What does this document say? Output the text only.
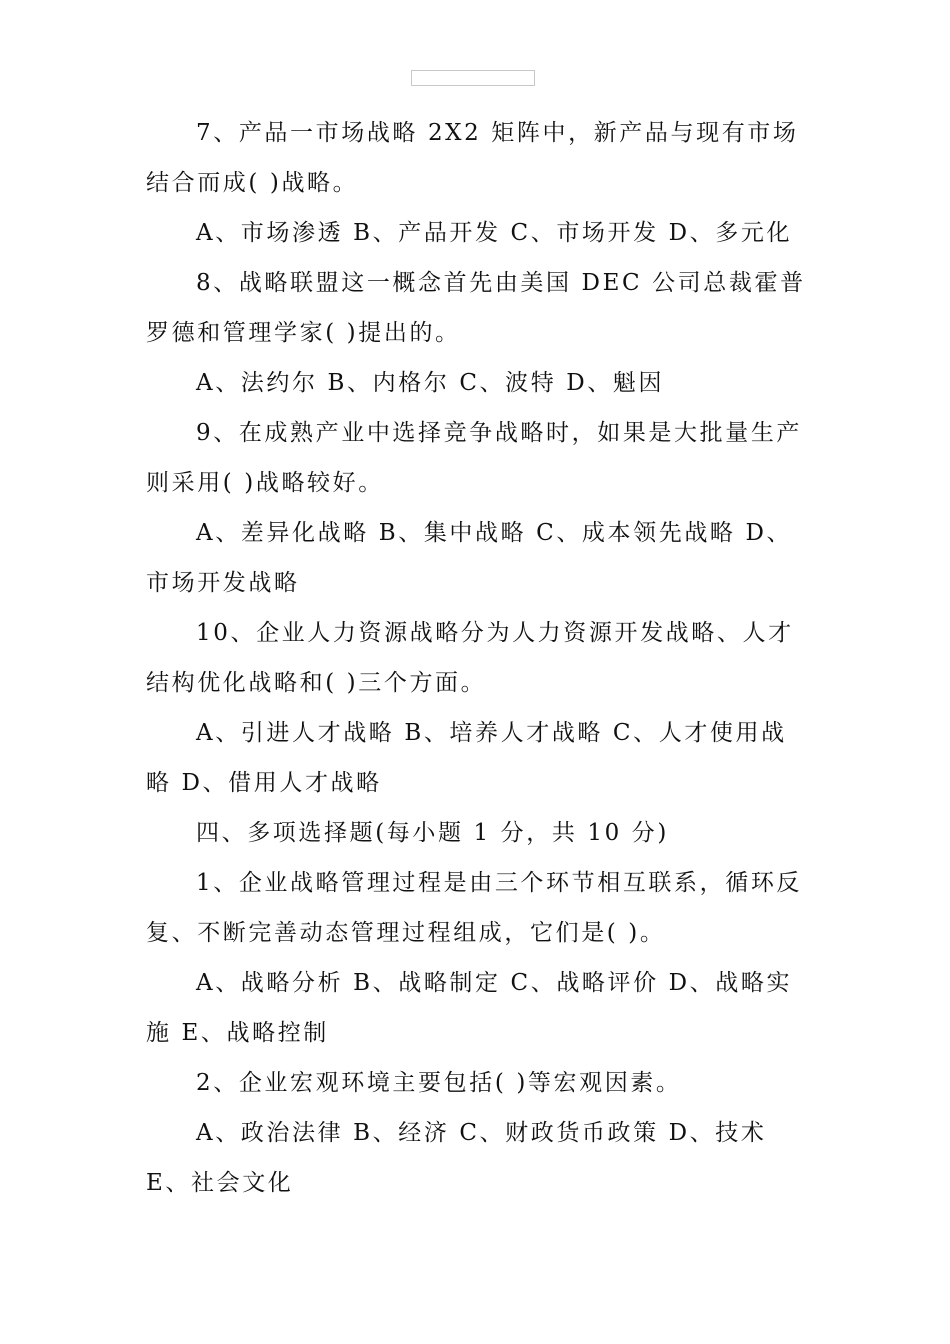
7、产品一市场战略 2X2 矩阵中，新产品与现有市场结合而成( )战略。

A、市场渗透 B、产品开发 C、市场开发 D、多元化

8、战略联盟这一概念首先由美国 DEC 公司总裁霍普罗德和管理学家( )提出的。

A、法约尔 B、内格尔 C、波特 D、魁因

9、在成熟产业中选择竞争战略时，如果是大批量生产则采用( )战略较好。

A、差异化战略 B、集中战略 C、成本领先战略 D、市场开发战略

10、企业人力资源战略分为人力资源开发战略、人才结构优化战略和( )三个方面。

A、引进人才战略 B、培养人才战略 C、人才使用战略 D、借用人才战略

四、多项选择题(每小题 1 分，共 10 分)

1、企业战略管理过程是由三个环节相互联系，循环反复、不断完善动态管理过程组成，它们是( )。

A、战略分析 B、战略制定 C、战略评价 D、战略实施 E、战略控制

2、企业宏观环境主要包括( )等宏观因素。

A、政治法律 B、经济 C、财政货币政策 D、技术 E、社会文化
